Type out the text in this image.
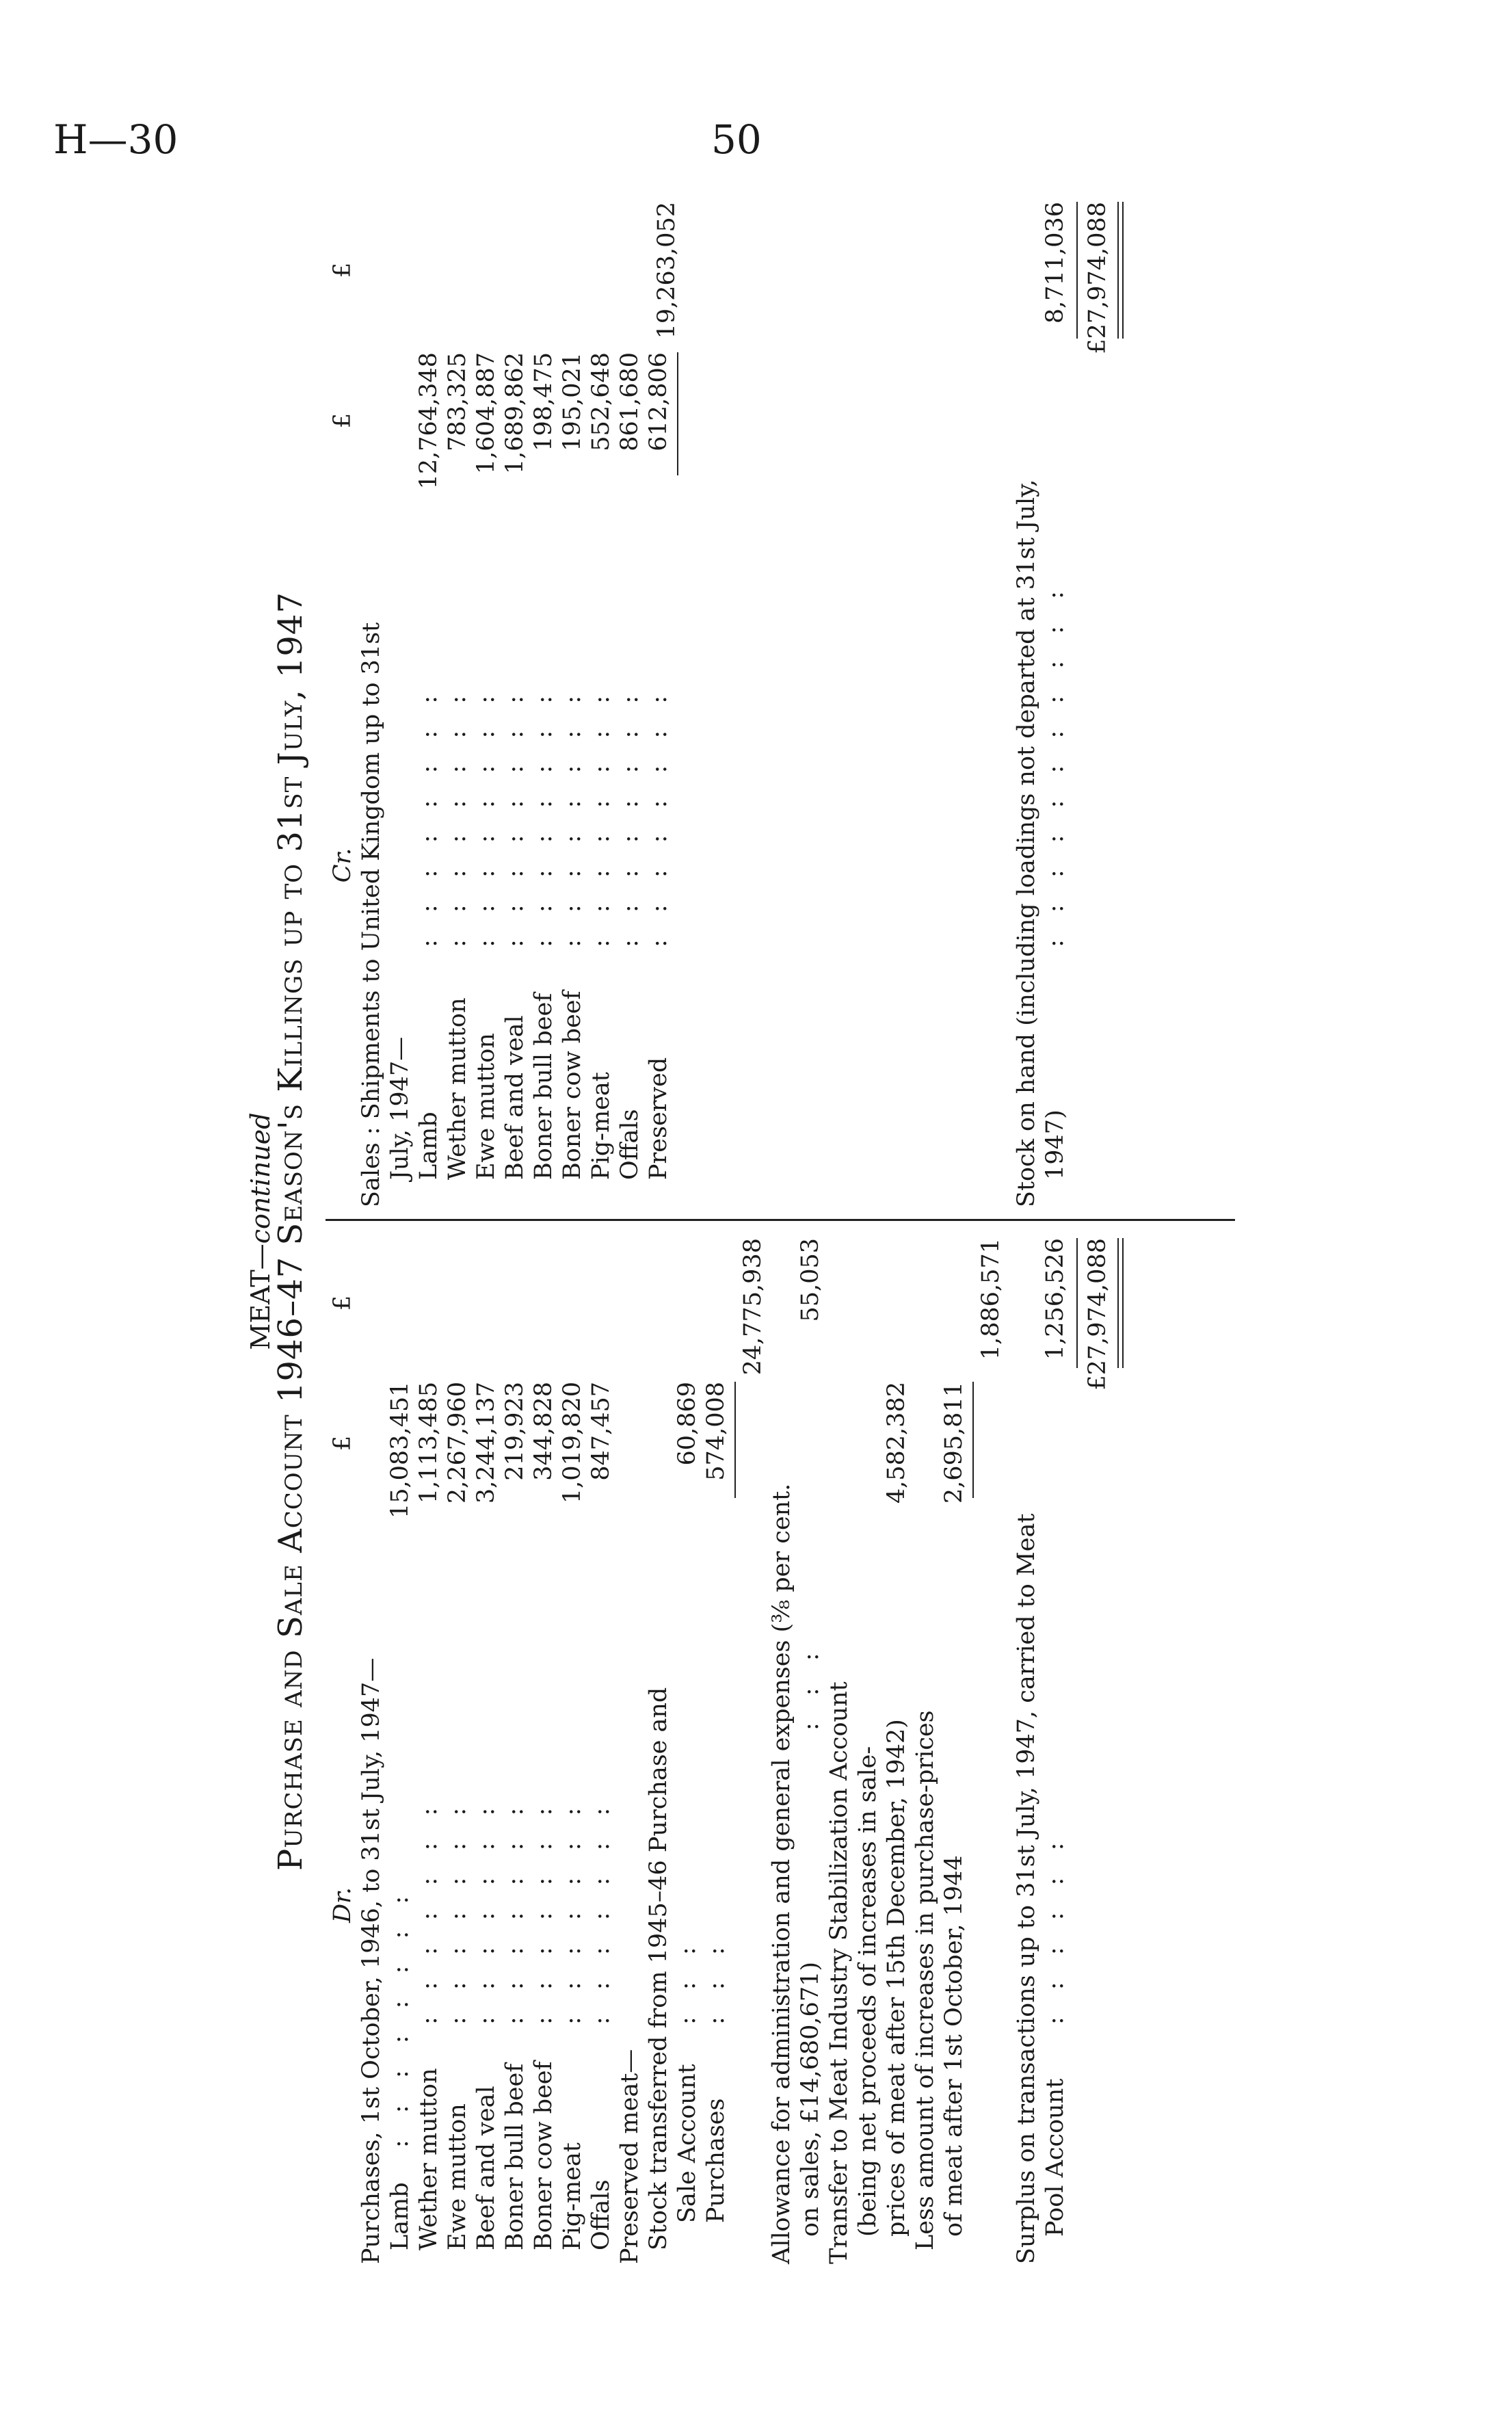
H—30	50
MEAT—continued
Purchase and Sale Account 1946–47 Season's Killings up to 31st July, 1947
Dr.
£
£
Purchases, 1st October, 1946, to 31st July, 1947— Lamb
: : : : : : : :
15,083,451
Wether mutton
: : : : : : :
1,113,485
Ewe mutton
: : : : : : :
2,267,960
Beef and veal
: : : : : : :
3,244,137
Boner bull beef
: : : : : : :
219,923
Boner cow beef
: : : : : : :
344,828
Pig-meat
: : : : : : :
1,019,820
Offals
: : : : : : :
847,457
Preserved meat— Stock transferred from 1945–46 Purchase and Sale Account
: : :
60,869
Purchases
: : :
574,008
24,775,938
Allowance for administration and general expenses (⅜ per cent. on sales, £14,680,671)
: : :
55,053
Transfer to Meat Industry Stabilization Account (being net proceeds of increases in sale- prices of meat after 15th December, 1942)
4,582,382
Less amount of increases in purchase-prices of meat after 1st October, 1944
2,695,811
1,886,571
Surplus on transactions up to 31st July, 1947, carried to Meat Pool Account
: : : : : :
1,256,526 £27,974,088
Cr.
£
£
Sales : Shipments to United Kingdom up to 31st July, 1947— Lamb
: : : : : : : :
12,764,348
Wether mutton
: : : : : : : :
783,325
Ewe mutton
: : : : : : : :
1,604,887
Beef and veal
: : : : : : : :
1,689,862
Boner bull beef
: : : : : : : :
198,475
Boner cow beef
: : : : : : : :
195,021
Pig-meat
: : : : : : : :
552,648
Offals
: : : : : : : :
861,680
Preserved
: : : : : : : :
612,806
19,263,052
Stock on hand (including loadings not departed at 31st July, 1947)
: : : : : : : : : : :
8,711,036 £27,974,088
